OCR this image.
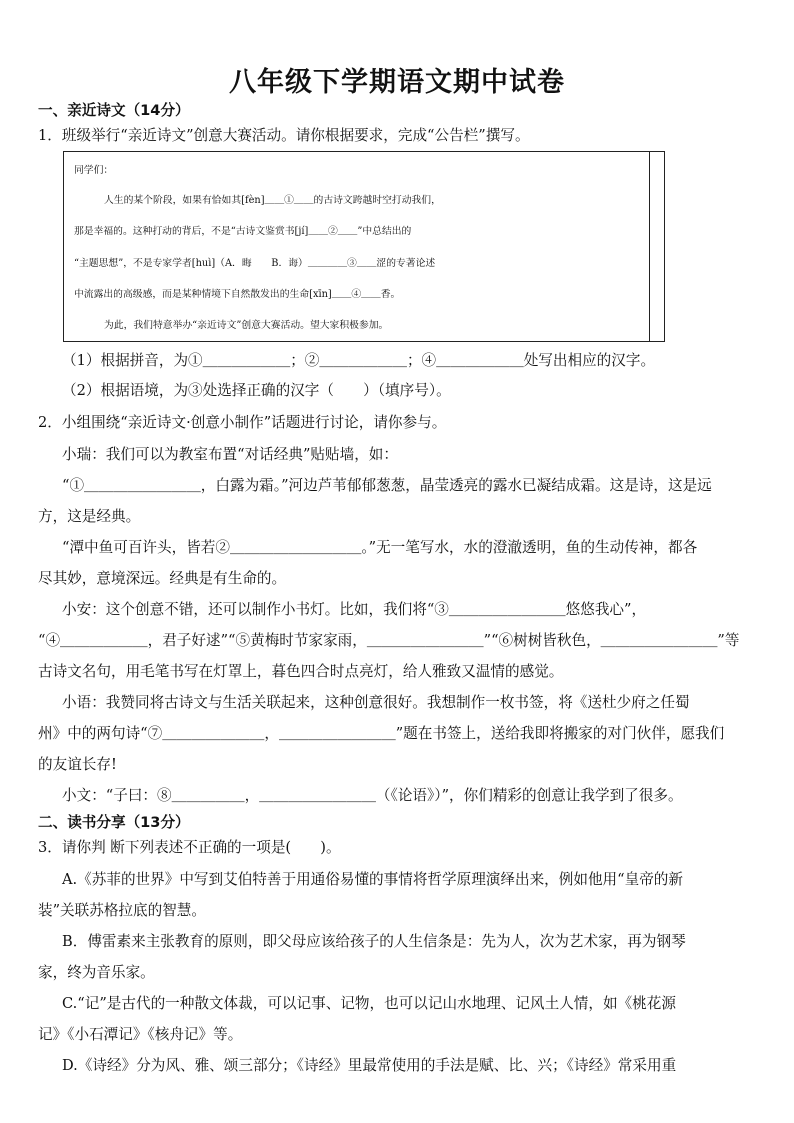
八年级下学期语文期中试卷
一、亲近诗文（14分）
1．班级举行“亲近诗文”创意大赛活动。请你根据要求，完成“公告栏”撰写。
同学们：
人生的某个阶段，如果有恰如其[fèn]＿＿①＿＿的古诗文跨越时空打动我们，
那是幸福的。这种打动的背后，不是“古诗文鉴赏书[jí]＿＿②＿＿”中总结出的
“主题思想”，不是专家学者[huì]（A．晦　　B．诲）＿＿＿＿③＿＿涩的专著论述
中流露出的高级感，而是某种情境下自然散发出的生命[xīn]＿＿④＿＿香。
为此，我们特意举办“亲近诗文”创意大赛活动。望大家积极参加。
（1）根据拼音，为①＿＿＿＿＿＿；②＿＿＿＿＿＿；④＿＿＿＿＿＿处写出相应的汉字。
（2）根据语境，为③处选择正确的汉字（　　）（填序号）。
2．小组围绕“亲近诗文·创意小制作”话题进行讨论，请你参与。
小瑞：我们可以为教室布置“对话经典”贴贴墙，如：
“①＿＿＿＿＿＿＿＿，白露为霜。”河边芦苇郁郁葱葱，晶莹透亮的露水已凝结成霜。这是诗，这是远
方，这是经典。
“潭中鱼可百许头，皆若②＿＿＿＿＿＿＿＿＿。”无一笔写水，水的澄澈透明，鱼的生动传神，都各
尽其妙，意境深远。经典是有生命的。
小安：这个创意不错，还可以制作小书灯。比如，我们将“③＿＿＿＿＿＿＿＿悠悠我心”，
“④＿＿＿＿＿＿，君子好逑”“⑤黄梅时节家家雨，＿＿＿＿＿＿＿＿”“⑥树树皆秋色，＿＿＿＿＿＿＿＿”等
古诗文名句，用毛笔书写在灯罩上，暮色四合时点亮灯，给人雅致又温情的感觉。
小语：我赞同将古诗文与生活关联起来，这种创意很好。我想制作一枚书签，将《送杜少府之任蜀
州》中的两句诗“⑦＿＿＿＿＿＿＿，＿＿＿＿＿＿＿＿”题在书签上，送给我即将搬家的对门伙伴，愿我们
的友谊长存!
小文：“子曰：⑧＿＿＿＿＿，＿＿＿＿＿＿＿＿（《论语》）”，你们精彩的创意让我学到了很多。
二、读书分享（13分）
3．请你判 断下列表述不正确的一项是(　　)。
A.《苏菲的世界》中写到艾伯特善于用通俗易懂的事情将哲学原理演绎出来，例如他用“皇帝的新
装”关联苏格拉底的智慧。
B．傅雷素来主张教育的原则，即父母应该给孩子的人生信条是：先为人，次为艺术家，再为钢琴
家，终为音乐家。
C.“记”是古代的一种散文体裁，可以记事、记物，也可以记山水地理、记风土人情，如《桃花源
记》《小石潭记》《核舟记》等。
D.《诗经》分为风、雅、颂三部分；《诗经》里最常使用的手法是赋、比、兴；《诗经》常采用重
